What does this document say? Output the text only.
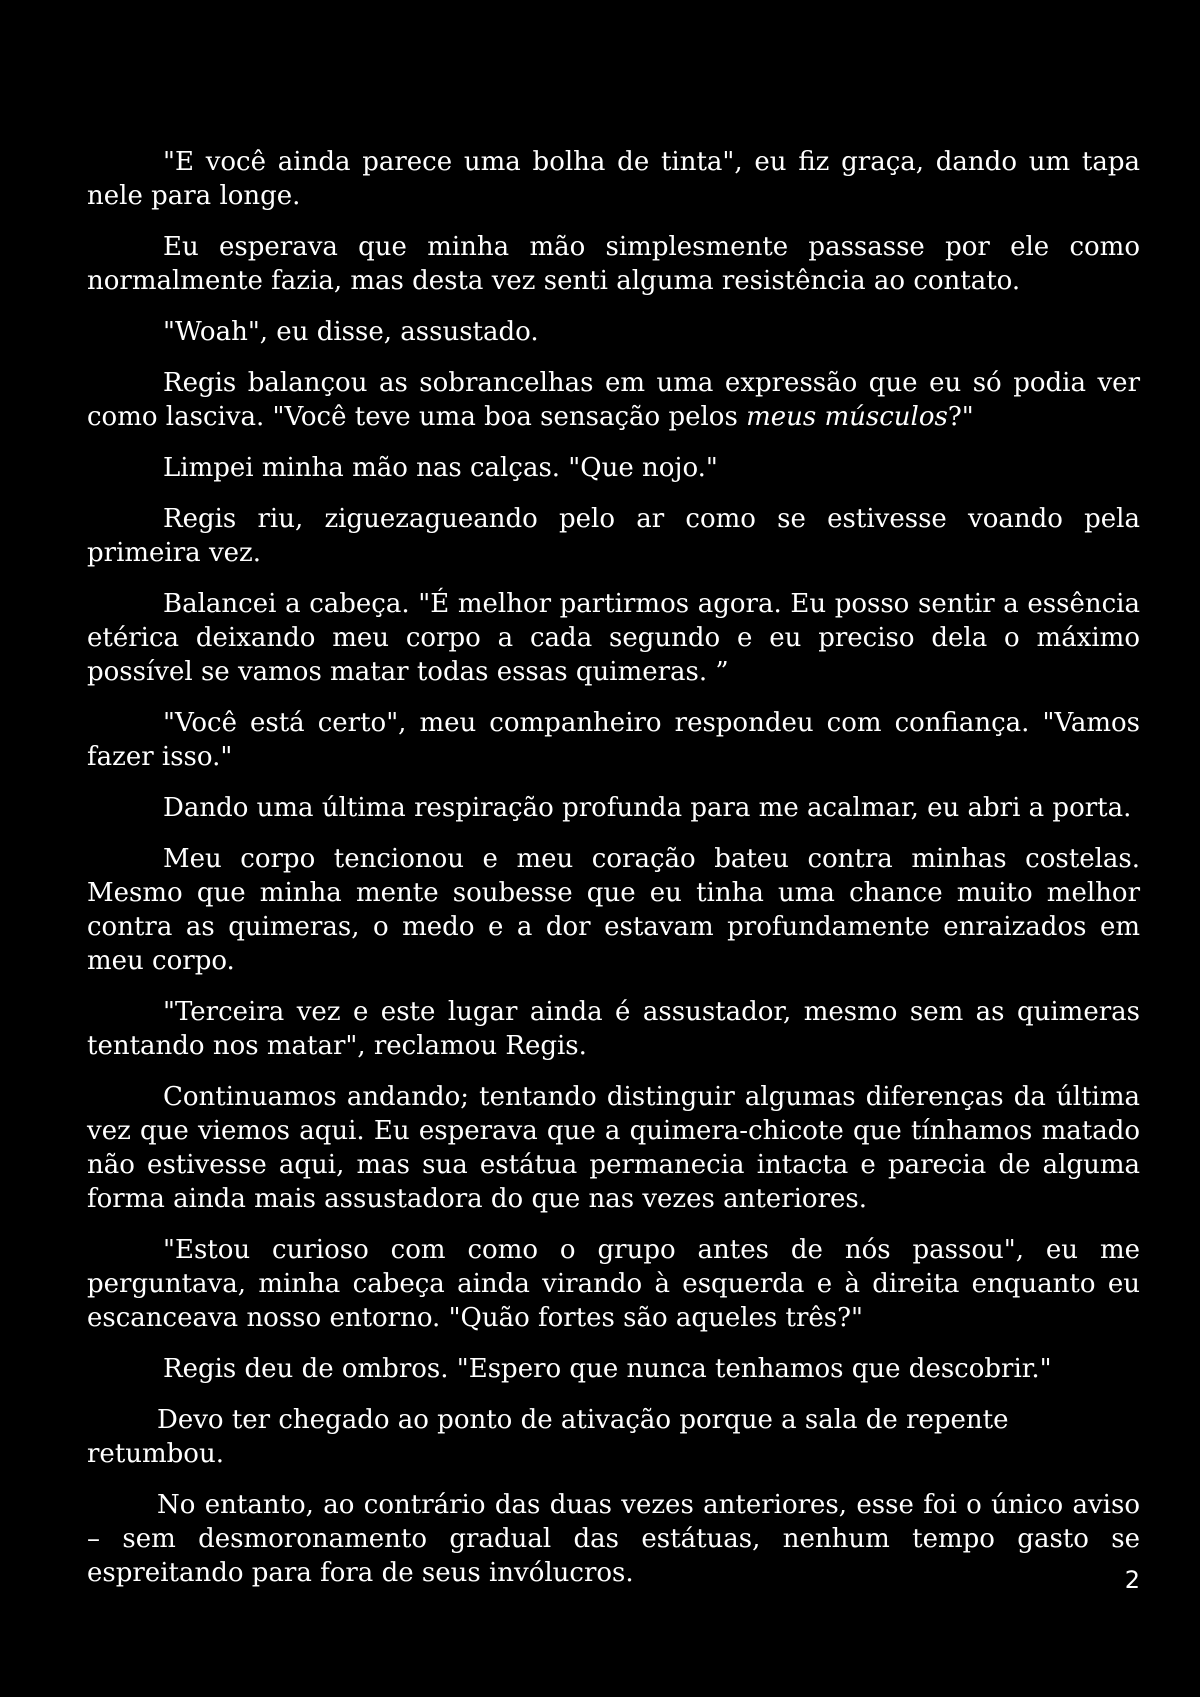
"E você ainda parece uma bolha de tinta", eu fiz graça, dando um tapa nele para longe.

Eu esperava que minha mão simplesmente passasse por ele como normalmente fazia, mas desta vez senti alguma resistência ao contato.

"Woah", eu disse, assustado.

Regis balançou as sobrancelhas em uma expressão que eu só podia ver como lasciva. "Você teve uma boa sensação pelos meus músculos?"

Limpei minha mão nas calças. "Que nojo."

Regis riu, ziguezagueando pelo ar como se estivesse voando pela primeira vez.

Balancei a cabeça. "É melhor partirmos agora. Eu posso sentir a essência etérica deixando meu corpo a cada segundo e eu preciso dela o máximo possível se vamos matar todas essas quimeras. ”

"Você está certo", meu companheiro respondeu com confiança. "Vamos fazer isso."

Dando uma última respiração profunda para me acalmar, eu abri a porta.

Meu corpo tencionou e meu coração bateu contra minhas costelas. Mesmo que minha mente soubesse que eu tinha uma chance muito melhor contra as quimeras, o medo e a dor estavam profundamente enraizados em meu corpo.

"Terceira vez e este lugar ainda é assustador, mesmo sem as quimeras tentando nos matar", reclamou Regis.

Continuamos andando; tentando distinguir algumas diferenças da última vez que viemos aqui. Eu esperava que a quimera-chicote que tínhamos matado não estivesse aqui, mas sua estátua permanecia intacta e parecia de alguma forma ainda mais assustadora do que nas vezes anteriores.

"Estou curioso com como o grupo antes de nós passou", eu me perguntava, minha cabeça ainda virando à esquerda e à direita enquanto eu escanceava nosso entorno. "Quão fortes são aqueles três?"

Regis deu de ombros. "Espero que nunca tenhamos que descobrir."

Devo ter chegado ao ponto de ativação porque a sala de repente retumbou.

No entanto, ao contrário das duas vezes anteriores, esse foi o único aviso – sem desmoronamento gradual das estátuas, nenhum tempo gasto se espreitando para fora de seus invólucros.	2
